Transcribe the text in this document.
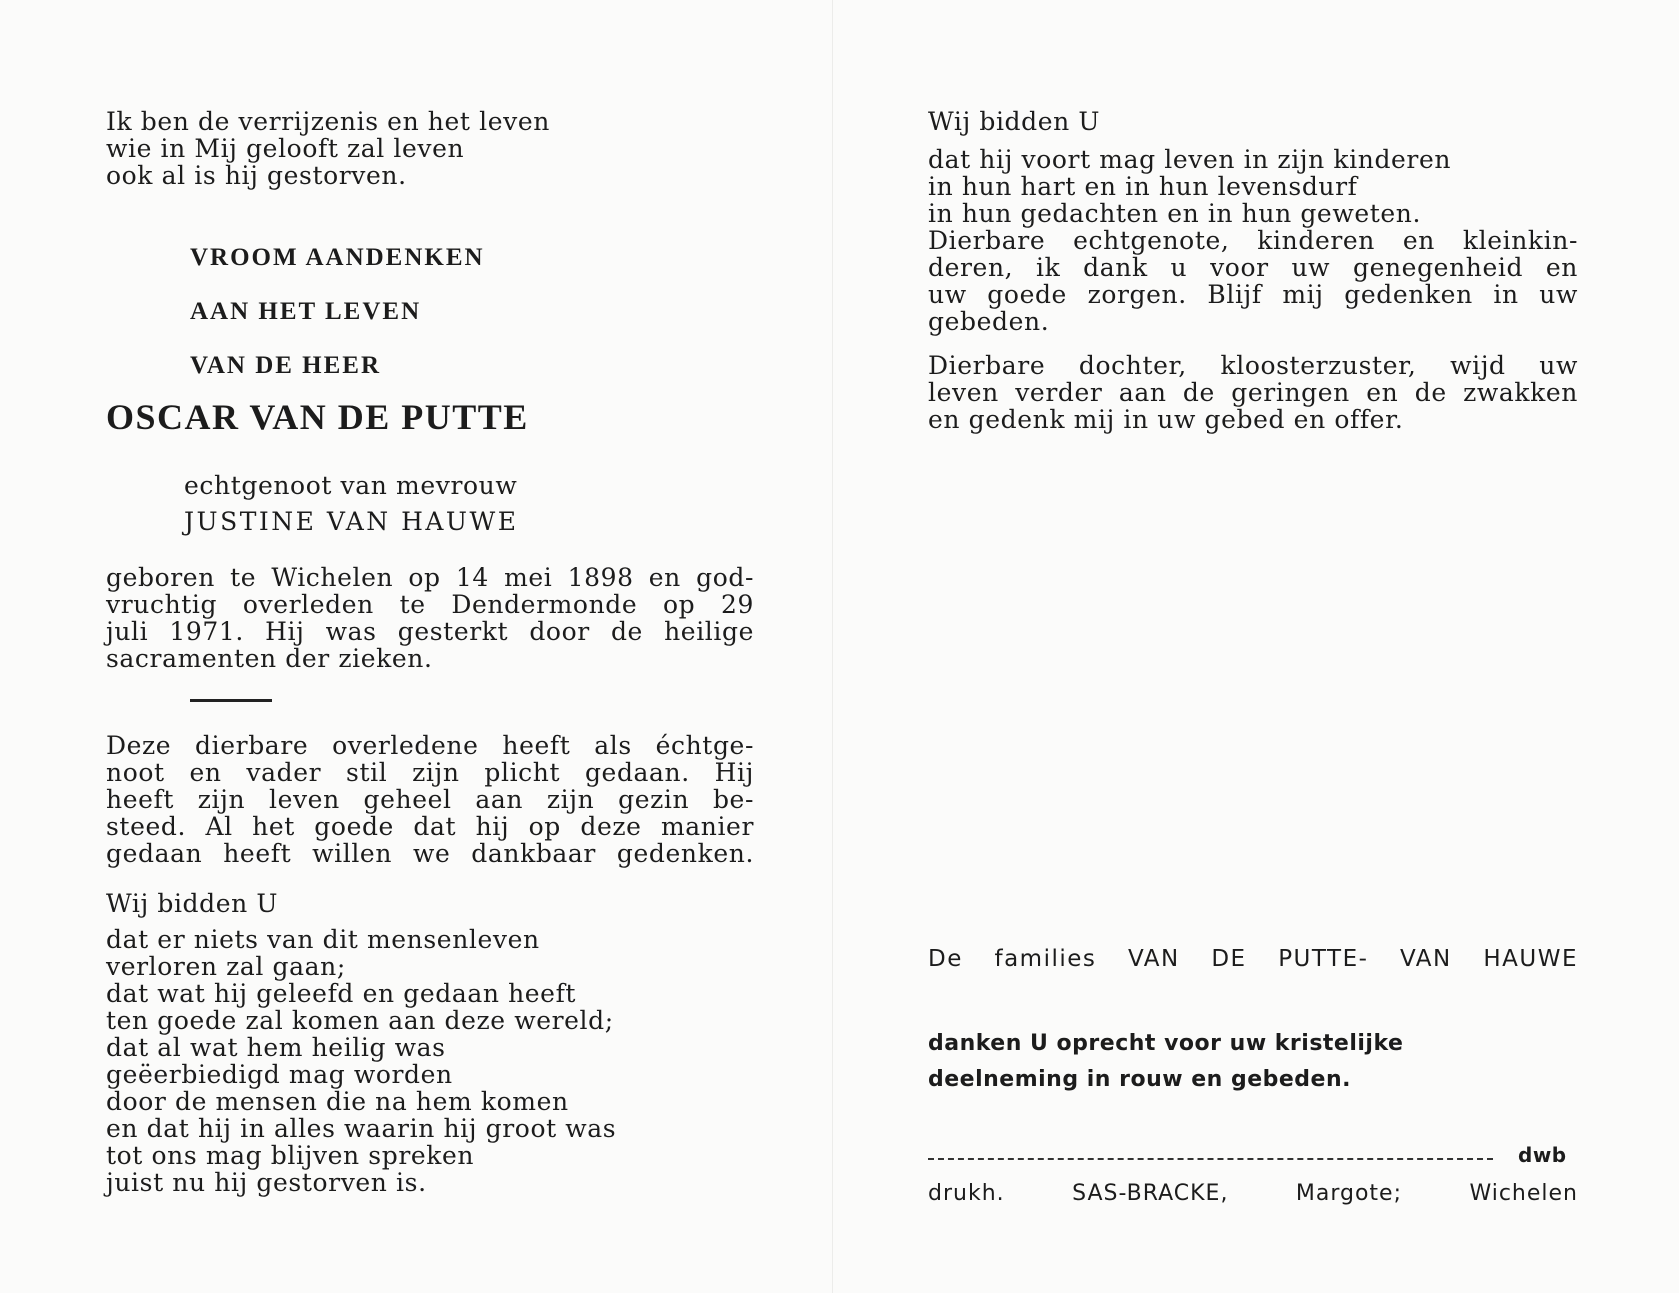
Ik ben de verrijzenis en het leven
wie in Mij gelooft zal leven
ook al is hij gestorven.
VROOM AANDENKEN
AAN HET LEVEN
VAN DE HEER
OSCAR VAN DE PUTTE
echtgenoot van mevrouw
JUSTINE VAN HAUWE
geboren te Wichelen op 14 mei 1898 en god-
vruchtig overleden te Dendermonde op 29
juli 1971. Hij was gesterkt door de heilige
sacramenten der zieken.
Deze dierbare overledene heeft als échtge-
noot en vader stil zijn plicht gedaan. Hij
heeft zijn leven geheel aan zijn gezin be-
steed. Al het goede dat hij op deze manier
gedaan heeft willen we dankbaar gedenken.
Wij bidden U
dat er niets van dit mensenleven
verloren zal gaan;
dat wat hij geleefd en gedaan heeft
ten goede zal komen aan deze wereld;
dat al wat hem heilig was
geëerbiedigd mag worden
door de mensen die na hem komen
en dat hij in alles waarin hij groot was
tot ons mag blijven spreken
juist nu hij gestorven is.
Wij bidden U
dat hij voort mag leven in zijn kinderen
in hun hart en in hun levensdurf
in hun gedachten en in hun geweten.
Dierbare echtgenote, kinderen en kleinkin-
deren, ik dank u voor uw genegenheid en
uw goede zorgen. Blijf mij gedenken in uw
gebeden.
Dierbare dochter, kloosterzuster, wijd uw
leven verder aan de geringen en de zwakken
en gedenk mij in uw gebed en offer.
De families VAN DE PUTTE- VAN HAUWE
danken U oprecht voor uw kristelijke
deelneming in rouw en gebeden.
dwb
drukh. SAS-BRACKE, Margote; Wichelen
